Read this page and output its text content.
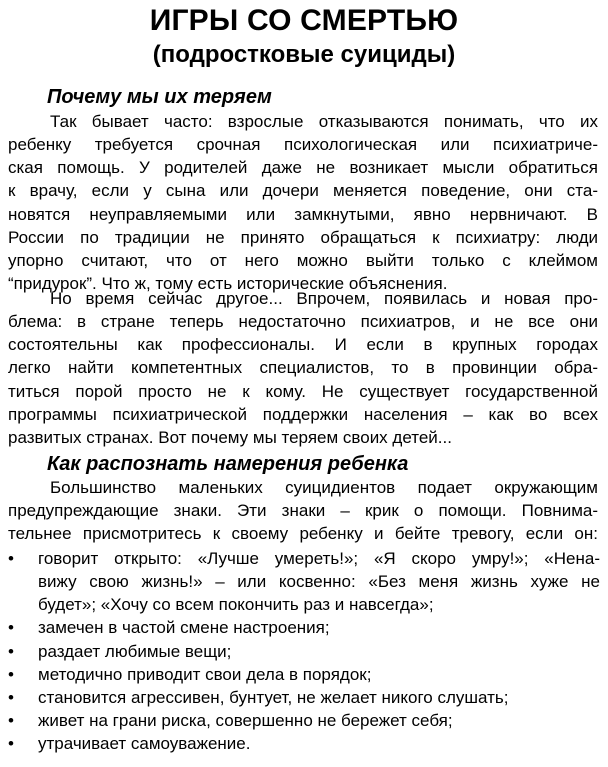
ИГРЫ СО СМЕРТЬЮ
(подростковые суициды)
Почему мы их теряем
Так бывает часто: взрослые отказываются понимать, что их
ребенку требуется срочная психологическая или психиатриче-
ская помощь. У родителей даже не возникает мысли обратиться
к врачу, если у сына или дочери меняется поведение, они ста-
новятся неуправляемыми или замкнутыми, явно нервничают. В
России по традиции не принято обращаться к психиатру: люди
упорно считают, что от него можно выйти только с клеймом
“придурок”. Что ж, тому есть исторические объяснения.
Но время сейчас другое... Впрочем, появилась и новая про-
блема: в стране теперь недостаточно психиатров, и не все они
состоятельны как профессионалы. И если в крупных городах
легко найти компетентных специалистов, то в провинции обра-
титься порой просто не к кому. Не существует государственной
программы психиатрической поддержки населения – как во всех
развитых странах. Вот почему мы теряем своих детей...
Как распознать намерения ребенка
Большинство маленьких суицидиентов подает окружающим
предупреждающие знаки. Эти знаки – крик о помощи. Повнима-
тельнее присмотритесь к своему ребенку и бейте тревогу, если он:
•	говорит открыто: «Лучше умереть!»; «Я скоро умру!»; «Нена-
вижу свою жизнь!» – или косвенно: «Без меня жизнь хуже не
будет»; «Хочу со всем покончить раз и навсегда»;
•	замечен в частой смене настроения;
•	раздает любимые вещи;
•	методично приводит свои дела в порядок;
•	становится агрессивен, бунтует, не желает никого слушать;
•	живет на грани риска, совершенно не бережет себя;
•	утрачивает самоуважение.
